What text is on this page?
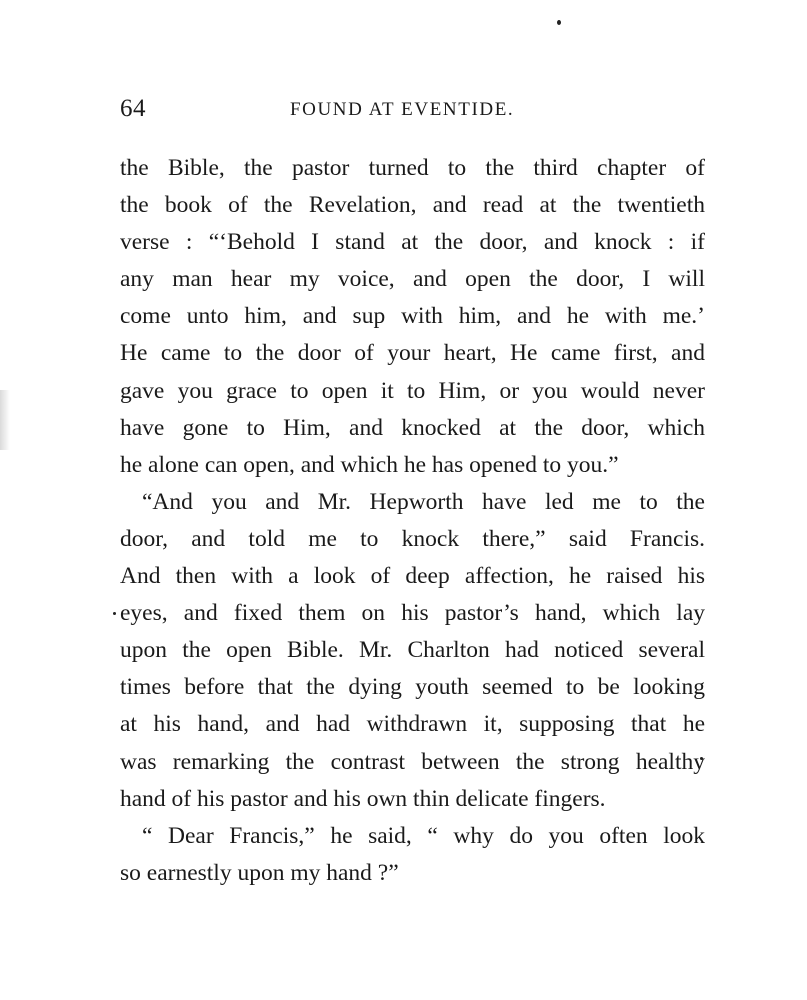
64	FOUND AT EVENTIDE.
the Bible, the pastor turned to the third chapter of
the book of the Revelation, and read at the twentieth
verse : “‘Behold I stand at the door, and knock : if
any man hear my voice, and open the door, I will
come unto him, and sup with him, and he with me.’
He came to the door of your heart, He came first, and
gave you grace to open it to Him, or you would never
have gone to Him, and knocked at the door, which
he alone can open, and which he has opened to you.”
“And you and Mr. Hepworth have led me to the
door, and told me to knock there,” said Francis.
And then with a look of deep affection, he raised his
eyes, and fixed them on his pastor’s hand, which lay
upon the open Bible. Mr. Charlton had noticed several
times before that the dying youth seemed to be looking
at his hand, and had withdrawn it, supposing that he
was remarking the contrast between the strong healthy
hand of his pastor and his own thin delicate fingers.
“ Dear Francis,” he said, “ why do you often look
so earnestly upon my hand ?”
